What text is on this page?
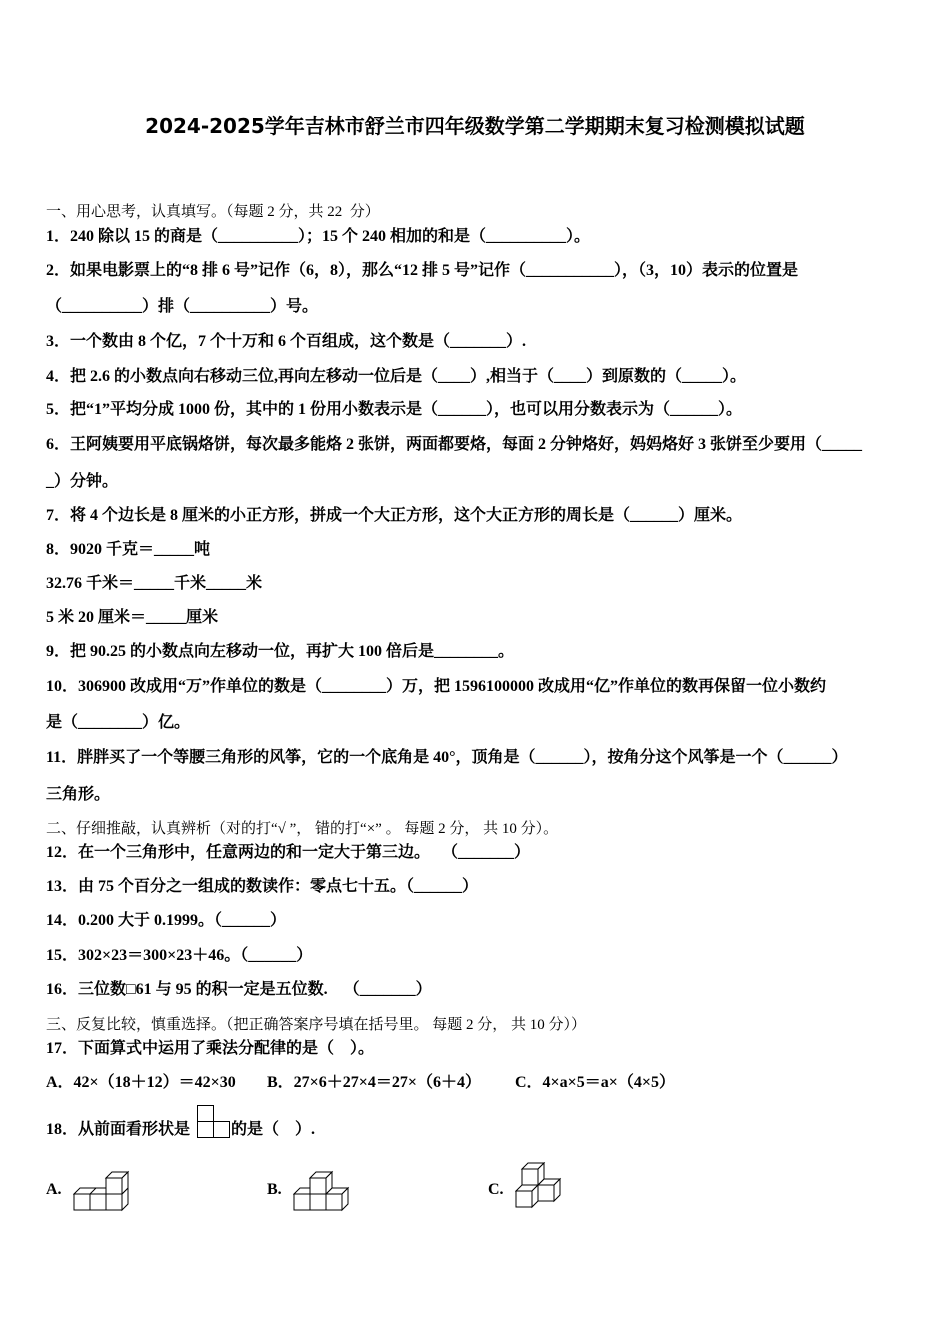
2024-2025学年吉林市舒兰市四年级数学第二学期期末复习检测模拟试题
一、用心思考，认真填写。（每题 2 分，共 22  分）
1．240 除以 15 的商是（__________）；15 个 240 相加的和是（__________）。
2．如果电影票上的“8 排 6 号”记作（6，8），那么“12 排 5 号”记作（___________），（3，10）表示的位置是
（__________）排（__________）号。
3．一个数由 8 个亿，7 个十万和 6 个百组成，这个数是（_______）.
4．把 2.6 的小数点向右移动三位,再向左移动一位后是（____）,相当于（____）到原数的（_____）。
5．把“1”平均分成 1000 份，其中的 1 份用小数表示是（______），也可以用分数表示为（______）。
6．王阿姨要用平底锅烙饼，每次最多能烙 2 张饼，两面都要烙，每面 2 分钟烙好，妈妈烙好 3 张饼至少要用（_____
_）分钟。
7．将 4 个边长是 8 厘米的小正方形，拼成一个大正方形，这个大正方形的周长是（______）厘米。
8．9020 千克＝_____吨
32.76 千米＝_____千米_____米
5 米 20 厘米＝_____厘米
9．把 90.25 的小数点向左移动一位，再扩大 100 倍后是________。
10．306900 改成用“万”作单位的数是（________）万，把 1596100000 改成用“亿”作单位的数再保留一位小数约
是（________）亿。
11．胖胖买了一个等腰三角形的风筝，它的一个底角是 40°，顶角是（______），按角分这个风筝是一个（______）
三角形。
二、仔细推敲，认真辨析（对的打“√ ”， 错的打“×” 。 每题 2 分， 共 10 分）。
12．在一个三角形中，任意两边的和一定大于第三边。   （_______）
13．由 75 个百分之一组成的数读作：零点七十五。（______）
14．0.200 大于 0.1999。（______）
15．302×23＝300×23＋46。（______）
16．三位数□61 与 95 的积一定是五位数.    （_______）
三、反复比较，慎重选择。（把正确答案序号填在括号里。 每题 2 分， 共 10 分））
17．下面算式中运用了乘法分配律的是（    ）。
A．42×（18＋12）＝42×30 B．27×6＋27×4＝27×（6＋4） C．4×a×5＝a×（4×5）
18．从前面看形状是	的是（    ）.
A.	B.	C.
